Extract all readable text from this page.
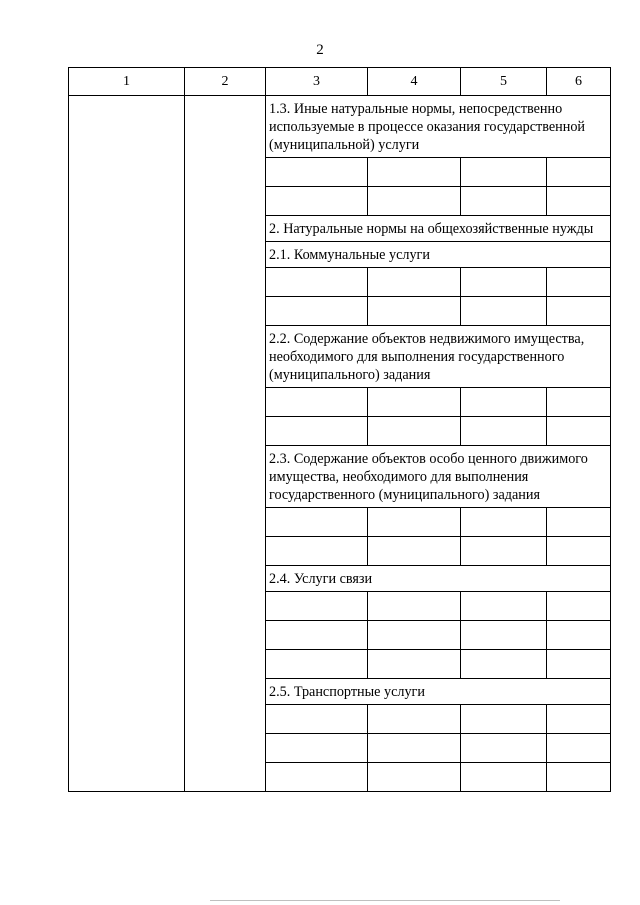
2
1	2	3	4	5	6
		1.3. Иные натуральные нормы, непосредственно используемые в процессе оказания государственной (муниципальной) услуги			

		2. Натуральные нормы на общехозяйственные нужды			
		2.1. Коммунальные услуги			

		2.2. Содержание объектов недвижимого имущества, необходимого для выполнения государственного (муниципального) задания			

		2.3. Содержание объектов особо ценного движимого имущества, необходимого для выполнения государственного (муниципального) задания			

		2.4. Услуги связи			

		2.5. Транспортные услуги			
